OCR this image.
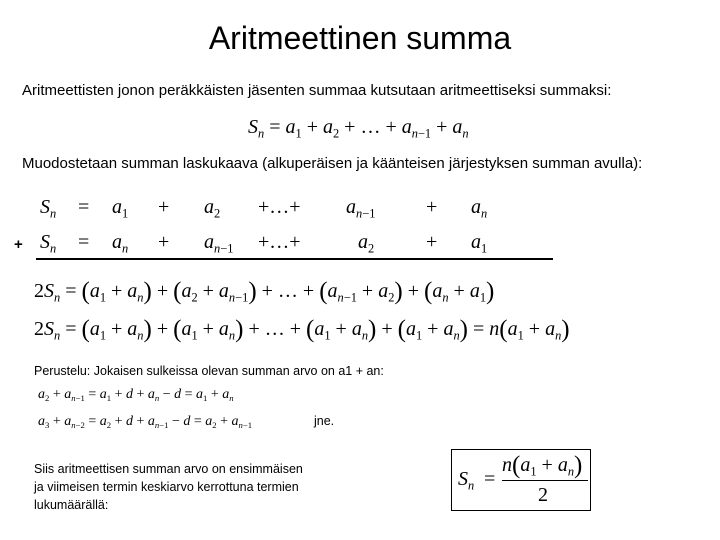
Aritmeettinen summa
Aritmeettisten jonon peräkkäisten jäsenten summaa kutsutaan aritmeettiseksi summaksi:
$S_n = a_1 + a_2$ + … + $a_{n-1} + a_n$
Muodostetaan summan laskukaava (alkuperäisen ja käänteisen järjestyksen summan avulla):
$S_n = a_1 + a_2$ +…+ $a_{n-1}$	+ $a_n$
+ $S_n = a_n + a_{n-1}$ +…+	$a_2$	+ $a_1$
$2S_n = (a_1 + a_n) + (a_2 + a_{n-1})$ + … + $(a_{n-1} + a_2) + (a_n + a_1)$
$2S_n = (a_1 + a_n) + (a_1 + a_n)$ + … + $(a_1 + a_n) + (a_1 + a_n) = n(a_1 + a_n)$
Perustelu: Jokaisen sulkeissa olevan summan arvo on a1 + an:
$a_2 + a_{n-1} = a_1 + d + a_n - d = a_1 + a_n$
$a_3 + a_{n-2} = a_2 + d + a_{n-1} - d = a_2 + a_{n-1}$	jne.
Siis aritmeettisen summan arvo on ensimmäisen
ja viimeisen termin keskiarvo kerrottuna termien
lukumäärällä:
$S_n$ =
$n(a_1 + a_n)$
2
